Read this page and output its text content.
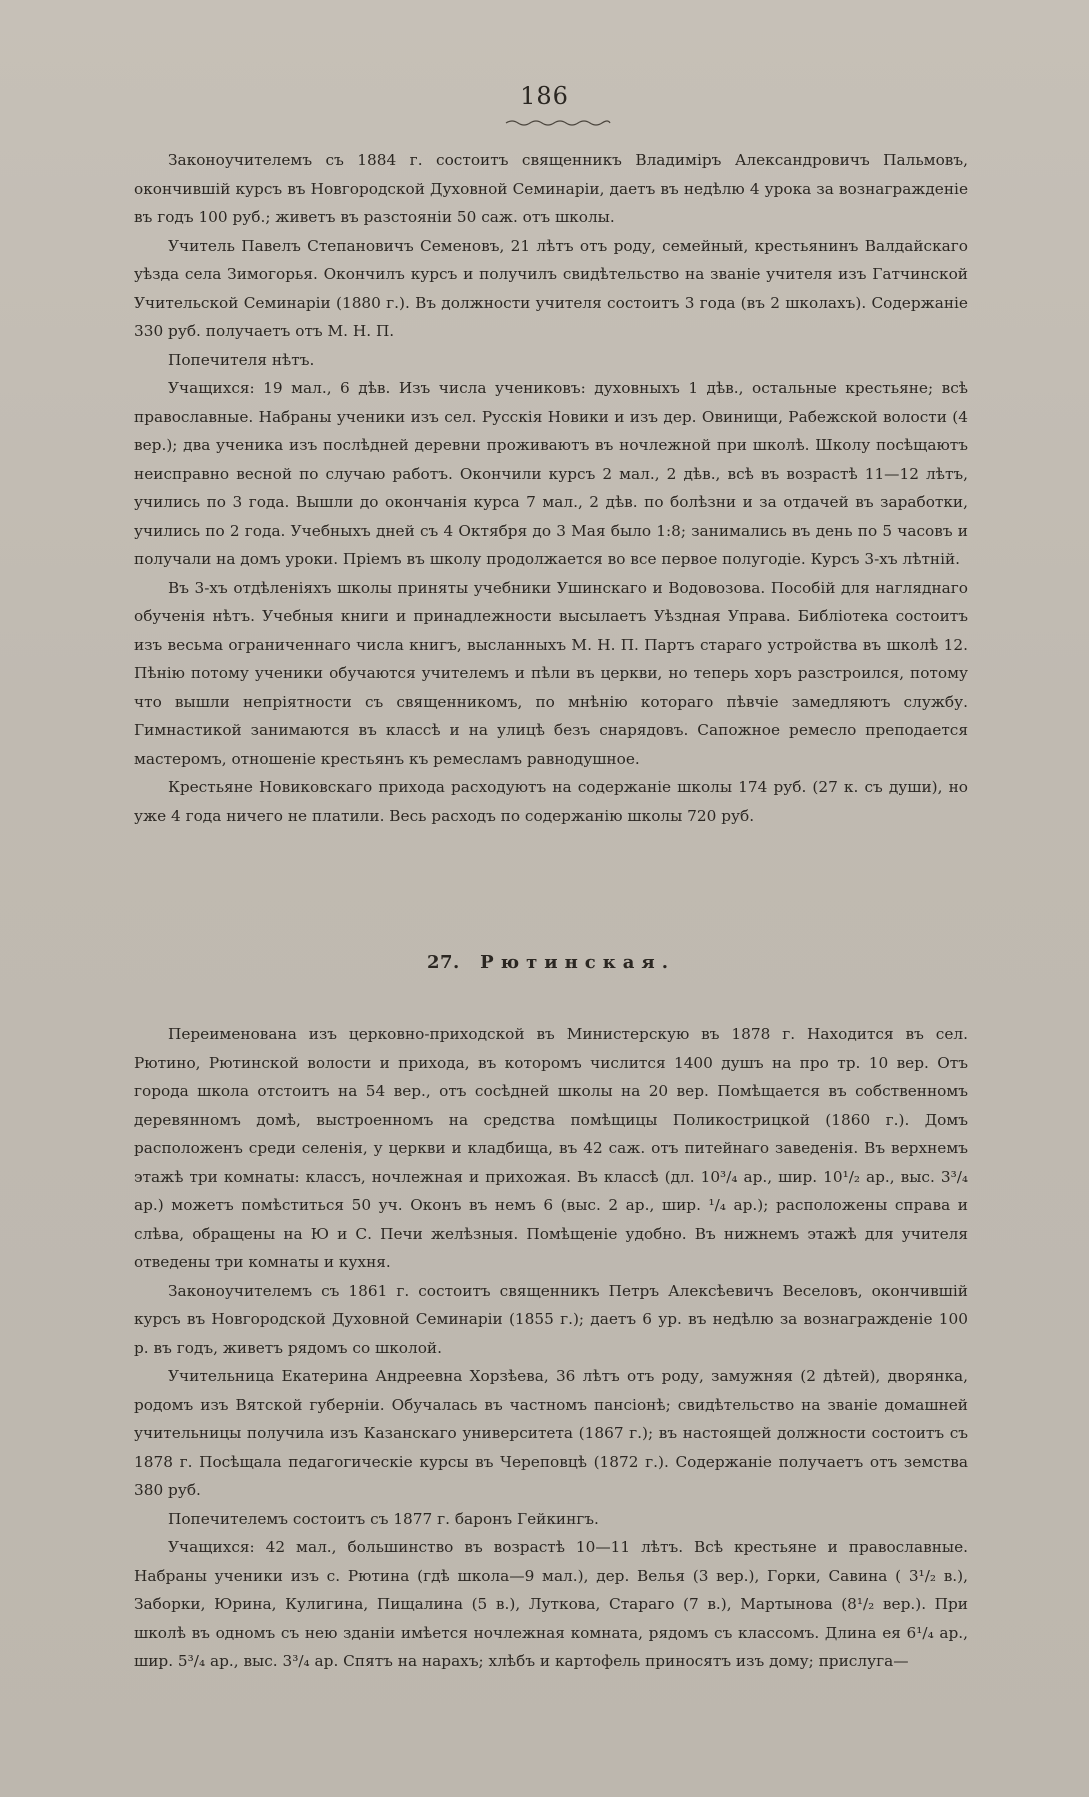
186

Законоучителемъ съ 1884 г. состоитъ священникъ Владиміръ Александровичъ Пальмовъ, окончившій курсъ въ Новгородской Духовной Семинаріи, даетъ въ недѣлю 4 урока за вознагражденіе въ годъ 100 руб.; живетъ въ разстояніи 50 саж. отъ школы.

Учитель Павелъ Степановичъ Семеновъ, 21 лѣтъ отъ роду, семейный, крестьянинъ Валдайскаго уѣзда села Зимогорья. Окончилъ курсъ и получилъ свидѣтельство на званіе учителя изъ Гатчинской Учительской Семинаріи (1880 г.). Въ должности учителя состоитъ 3 года (въ 2 школахъ). Содержаніе 330 руб. получаетъ отъ М. Н. П.

Попечителя нѣтъ.

Учащихся: 19 мал., 6 дѣв. Изъ числа учениковъ: духовныхъ 1 дѣв., остальные крестьяне; всѣ православные. Набраны ученики изъ сел. Русскія Новики и изъ дер. Овинищи, Рабежской волости (4 вер.); два ученика изъ послѣдней деревни проживаютъ въ ночлежной при школѣ. Школу посѣщаютъ неисправно весной по случаю работъ. Окончили курсъ 2 мал., 2 дѣв., всѣ въ возрастѣ 11—12 лѣтъ, учились по 3 года. Вышли до окончанія курса 7 мал., 2 дѣв. по болѣзни и за отдачей въ заработки, учились по 2 года. Учебныхъ дней съ 4 Октября до 3 Мая было 1:8; занимались въ день по 5 часовъ и получали на домъ уроки. Пріемъ въ школу продолжается во все первое полугодіе. Курсъ 3-хъ лѣтній.

Въ 3-хъ отдѣленіяхъ школы приняты учебники Ушинскаго и Водовозова. Пособій для нагляднаго обученія нѣтъ. Учебныя книги и принадлежности высылаетъ Уѣздная Управа. Библіотека состоитъ изъ весьма ограниченнаго числа книгъ, высланныхъ М. Н. П. Партъ стараго устройства въ школѣ 12. Пѣнію потому ученики обучаются учителемъ и пѣли въ церкви, но теперь хоръ разстроился, потому что вышли непріятности съ священникомъ, по мнѣнію котораго пѣвчіе замедляютъ службу. Гимнастикой занимаются въ классѣ и на улицѣ безъ снарядовъ. Сапожное ремесло преподается мастеромъ, отношеніе крестьянъ къ ремесламъ равнодушное.

Крестьяне Новиковскаго прихода расходуютъ на содержаніе школы 174 руб. (27 к. съ души), но уже 4 года ничего не платили. Весь расходъ по содержанію школы 720 руб.

27. Рютинская.

Переименована изъ церковно-приходской въ Министерскую въ 1878 г. Находится въ сел. Рютино, Рютинской волости и прихода, въ которомъ числится 1400 душъ на про тр. 10 вер. Отъ города школа отстоитъ на 54 вер., отъ сосѣдней школы на 20 вер. Помѣщается въ собственномъ деревянномъ домѣ, выстроенномъ на средства помѣщицы Поликострицкой (1860 г.). Домъ расположенъ среди селенія, у церкви и кладбища, въ 42 саж. отъ питейнаго заведенія. Въ верхнемъ этажѣ три комнаты: классъ, ночлежная и прихожая. Въ классѣ (дл. 10³/₄ ар., шир. 10¹/₂ ар., выс. 3³/₄ ар.) можетъ помѣститься 50 уч. Оконъ въ немъ 6 (выс. 2 ар., шир. ¹/₄ ар.); расположены справа и слѣва, обращены на Ю и С. Печи желѣзныя. Помѣщеніе удобно. Въ нижнемъ этажѣ для учителя отведены три комнаты и кухня.

Законоучителемъ съ 1861 г. состоитъ священникъ Петръ Алексѣевичъ Веселовъ, окончившій курсъ въ Новгородской Духовной Семинаріи (1855 г.); даетъ 6 ур. въ недѣлю за вознагражденіе 100 р. въ годъ, живетъ рядомъ со школой.

Учительница Екатерина Андреевна Хорзѣева, 36 лѣтъ отъ роду, замужняя (2 дѣтей), дворянка, родомъ изъ Вятской губерніи. Обучалась въ частномъ пансіонѣ; свидѣтельство на званіе домашней учительницы получила изъ Казанскаго университета (1867 г.); въ настоящей должности состоитъ съ 1878 г. Посѣщала педагогическіе курсы въ Череповцѣ (1872 г.). Содержаніе получаетъ отъ земства 380 руб.

Попечителемъ состоитъ съ 1877 г. баронъ Гейкингъ.

Учащихся: 42 мал., большинство въ возрастѣ 10—11 лѣтъ. Всѣ крестьяне и православные. Набраны ученики изъ с. Рютина (гдѣ школа—9 мал.), дер. Велья (3 вер.), Горки, Савина ( 3¹/₂ в.), Заборки, Юрина, Кулигина, Пищалина (5 в.), Луткова, Стараго (7 в.), Мартынова (8¹/₂ вер.). При школѣ въ одномъ съ нею зданіи имѣется ночлежная комната, рядомъ съ классомъ. Длина ея 6¹/₄ ар., шир. 5³/₄ ар., выс. 3³/₄ ар. Спятъ на нарахъ; хлѣбъ и картофель приносятъ изъ дому; прислуга—
